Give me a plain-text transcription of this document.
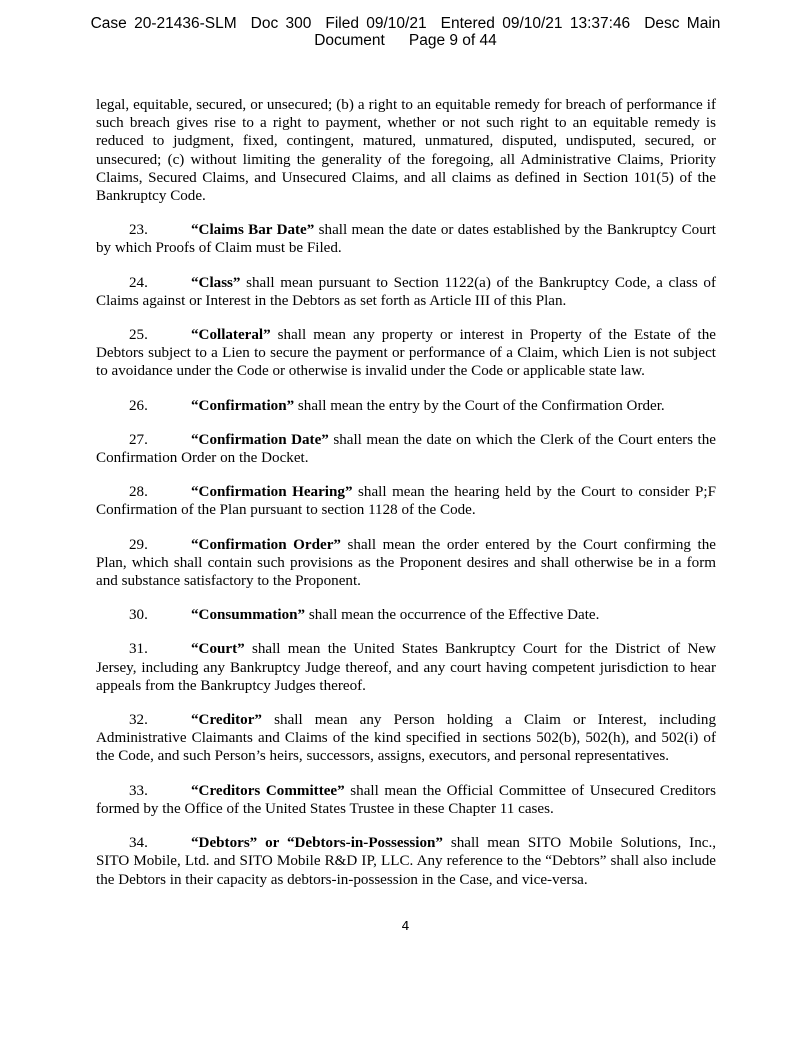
Case 20-21436-SLM Doc 300 Filed 09/10/21 Entered 09/10/21 13:37:46 Desc Main
Document Page 9 of 44

legal, equitable, secured, or unsecured; (b) a right to an equitable remedy for breach of performance if such breach gives rise to a right to payment, whether or not such right to an equitable remedy is reduced to judgment, fixed, contingent, matured, unmatured, disputed, undisputed, secured, or unsecured; (c) without limiting the generality of the foregoing, all Administrative Claims, Priority Claims, Secured Claims, and Unsecured Claims, and all claims as defined in Section 101(5) of the Bankruptcy Code.

23.	“Claims Bar Date” shall mean the date or dates established by the Bankruptcy Court by which Proofs of Claim must be Filed.

24.	“Class” shall mean pursuant to Section 1122(a) of the Bankruptcy Code, a class of Claims against or Interest in the Debtors as set forth as Article III of this Plan.

25.	“Collateral” shall mean any property or interest in Property of the Estate of the Debtors subject to a Lien to secure the payment or performance of a Claim, which Lien is not subject to avoidance under the Code or otherwise is invalid under the Code or applicable state law.

26.	“Confirmation” shall mean the entry by the Court of the Confirmation Order.

27.	“Confirmation Date” shall mean the date on which the Clerk of the Court enters the Confirmation Order on the Docket.

28.	“Confirmation Hearing” shall mean the hearing held by the Court to consider P;F Confirmation of the Plan pursuant to section 1128 of the Code.

29.	“Confirmation Order” shall mean the order entered by the Court confirming the Plan, which shall contain such provisions as the Proponent desires and shall otherwise be in a form and substance satisfactory to the Proponent.

30.	“Consummation” shall mean the occurrence of the Effective Date.

31.	“Court” shall mean the United States Bankruptcy Court for the District of New Jersey, including any Bankruptcy Judge thereof, and any court having competent jurisdiction to hear appeals from the Bankruptcy Judges thereof.

32.	“Creditor” shall mean any Person holding a Claim or Interest, including Administrative Claimants and Claims of the kind specified in sections 502(b), 502(h), and 502(i) of the Code, and such Person’s heirs, successors, assigns, executors, and personal representatives.

33.	“Creditors Committee” shall mean the Official Committee of Unsecured Creditors formed by the Office of the United States Trustee in these Chapter 11 cases.

34.	“Debtors” or “Debtors-in-Possession” shall mean SITO Mobile Solutions, Inc., SITO Mobile, Ltd. and SITO Mobile R&D IP, LLC. Any reference to the “Debtors” shall also include the Debtors in their capacity as debtors-in-possession in the Case, and vice-versa.

4
